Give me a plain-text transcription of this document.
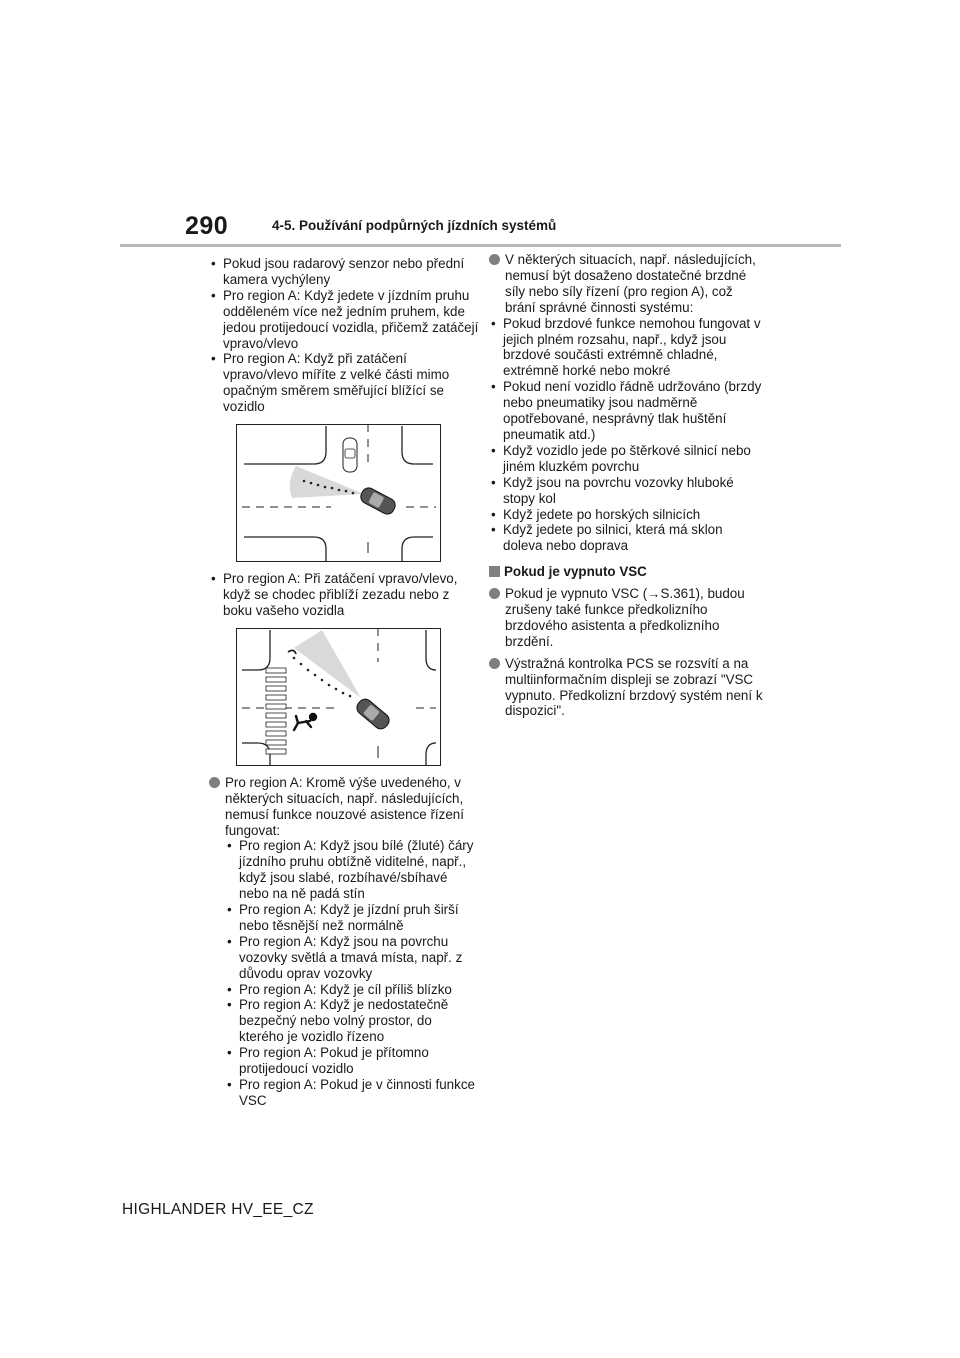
290	4-5. Používání podpůrných jízdních systémů
• Pokud jsou radarový senzor nebo přední kamera vychýleny
• Pro region A: Když jedete v jízdním pruhu odděleném více než jedním pruhem, kde jedou protijedoucí vozidla, přičemž zatáčejí vpravo/vlevo
• Pro region A: Když při zatáčení vpravo/vlevo míříte z velké části mimo opačným směrem směřující blížící se vozidlo
• Pro region A: Při zatáčení vpravo/vlevo, když se chodec přiblíží zezadu nebo z boku vašeho vozidla
Pro region A: Kromě výše uvedeného, v některých situacích, např. následujících, nemusí funkce nouzové asistence řízení fungovat:
• Pro region A: Když jsou bílé (žluté) čáry jízdního pruhu obtížně viditelné, např., když jsou slabé, rozbíhavé/sbíhavé nebo na ně padá stín
• Pro region A: Když je jízdní pruh širší nebo těsnější než normálně
• Pro region A: Když jsou na povrchu vozovky světlá a tmavá místa, např. z důvodu oprav vozovky
• Pro region A: Když je cíl příliš blízko
• Pro region A: Když je nedostatečně bezpečný nebo volný prostor, do kterého je vozidlo řízeno
• Pro region A: Pokud je přítomno protijedoucí vozidlo
• Pro region A: Pokud je v činnosti funkce VSC
V některých situacích, např. následujících, nemusí být dosaženo dostatečné brzdné síly nebo síly řízení (pro region A), což brání správné činnosti systému:
• Pokud brzdové funkce nemohou fungovat v jejich plném rozsahu, např., když jsou brzdové součásti extrémně chladné, extrémně horké nebo mokré
• Pokud není vozidlo řádně udržováno (brzdy nebo pneumatiky jsou nadměrně opotřebované, nesprávný tlak huštění pneumatik atd.)
• Když vozidlo jede po štěrkové silnicí nebo jiném kluzkém povrchu
• Když jsou na povrchu vozovky hluboké stopy kol
• Když jedete po horských silnicích
• Když jedete po silnici, která má sklon doleva nebo doprava
Pokud je vypnuto VSC
Pokud je vypnuto VSC (→S.361), budou zrušeny také funkce předkolizního brzdového asistenta a předkolizního brzdění.
Výstražná kontrolka PCS se rozsvítí a na multiinformačním displeji se zobrazí "VSC vypnuto. Předkolizní brzdový systém není k dispozici".
HIGHLANDER HV_EE_CZ
